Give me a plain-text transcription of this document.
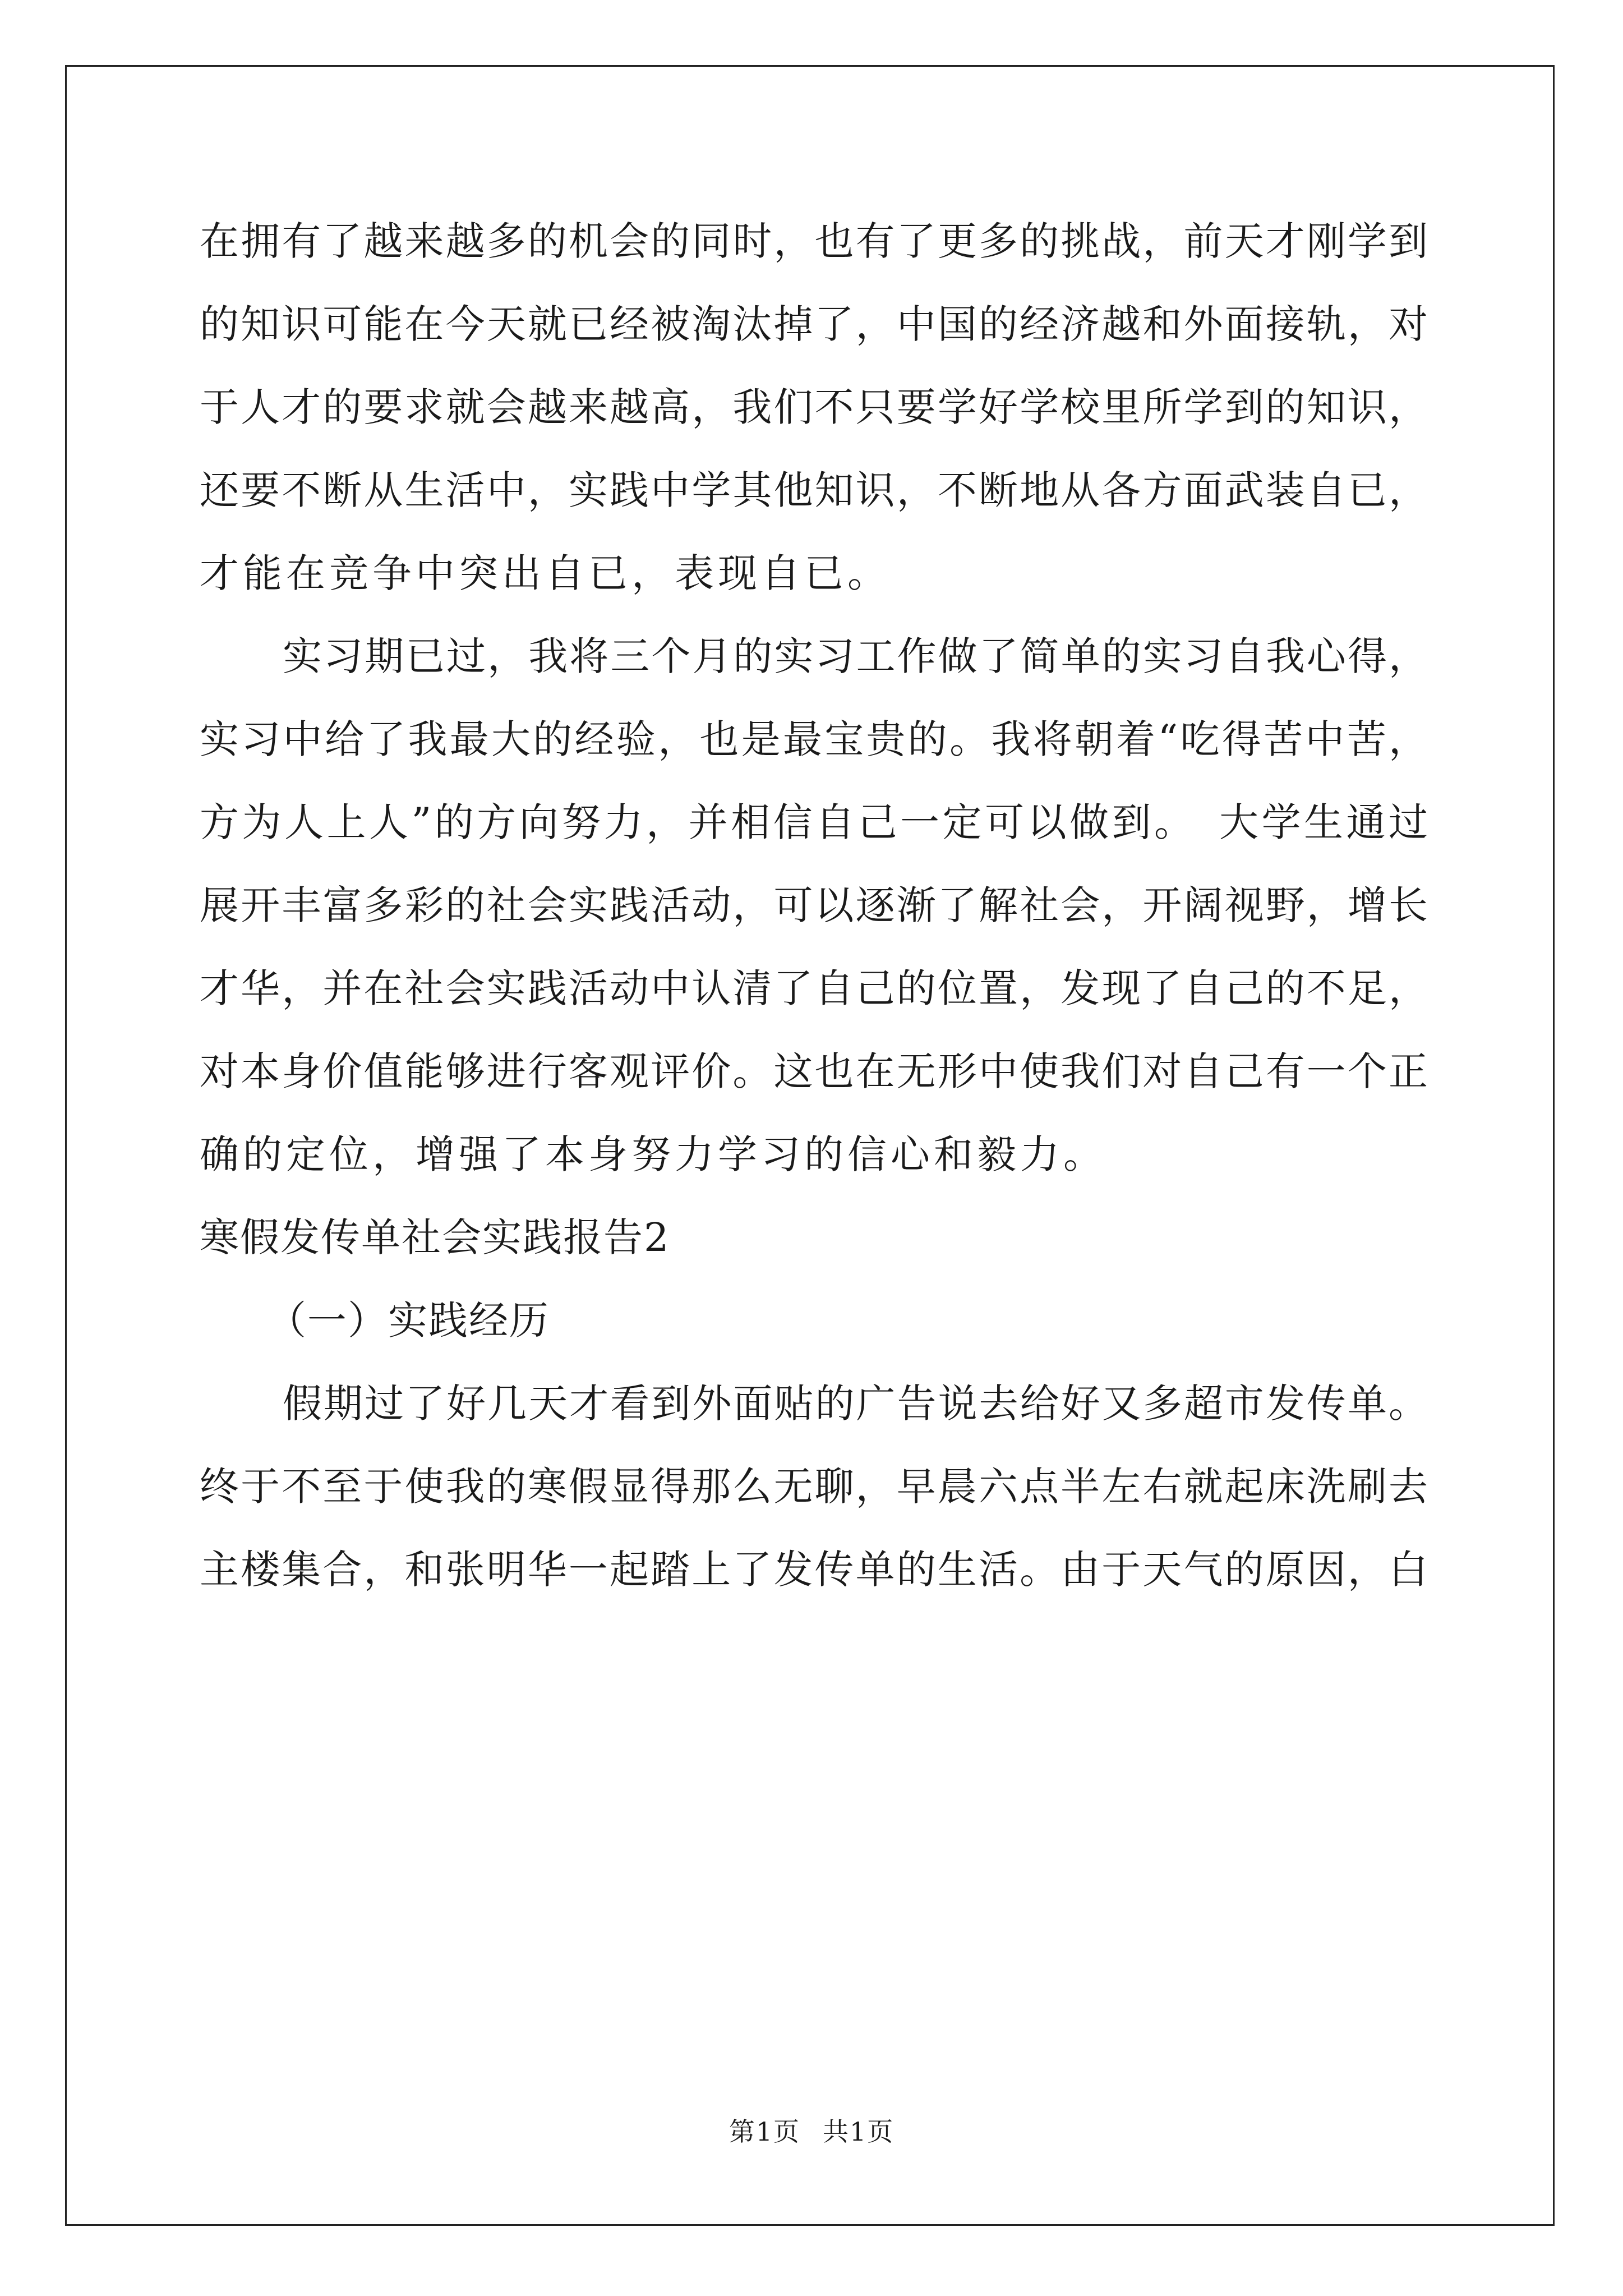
在拥有了越来越多的机会的同时，也有了更多的挑战，前天才刚学到
的知识可能在今天就已经被淘汰掉了，中国的经济越和外面接轨，对
于人才的要求就会越来越高，我们不只要学好学校里所学到的知识，
还要不断从生活中，实践中学其他知识，不断地从各方面武装自已，
才能在竞争中突出自已，表现自已。
实习期已过，我将三个月的实习工作做了简单的实习自我心得，
实习中给了我最大的经验，也是最宝贵的。我将朝着“吃得苦中苦，
方为人上人”的方向努力，并相信自己一定可以做到。　大学生通过
展开丰富多彩的社会实践活动，可以逐渐了解社会，开阔视野，增长
才华，并在社会实践活动中认清了自己的位置，发现了自己的不足，
对本身价值能够进行客观评价。这也在无形中使我们对自己有一个正
确的定位，增强了本身努力学习的信心和毅力。
寒假发传单社会实践报告2
（一）实践经历
假期过了好几天才看到外面贴的广告说去给好又多超市发传单。
终于不至于使我的寒假显得那么无聊，早晨六点半左右就起床洗刷去
主楼集合，和张明华一起踏上了发传单的生活。由于天气的原因，白
第1页 共1页
